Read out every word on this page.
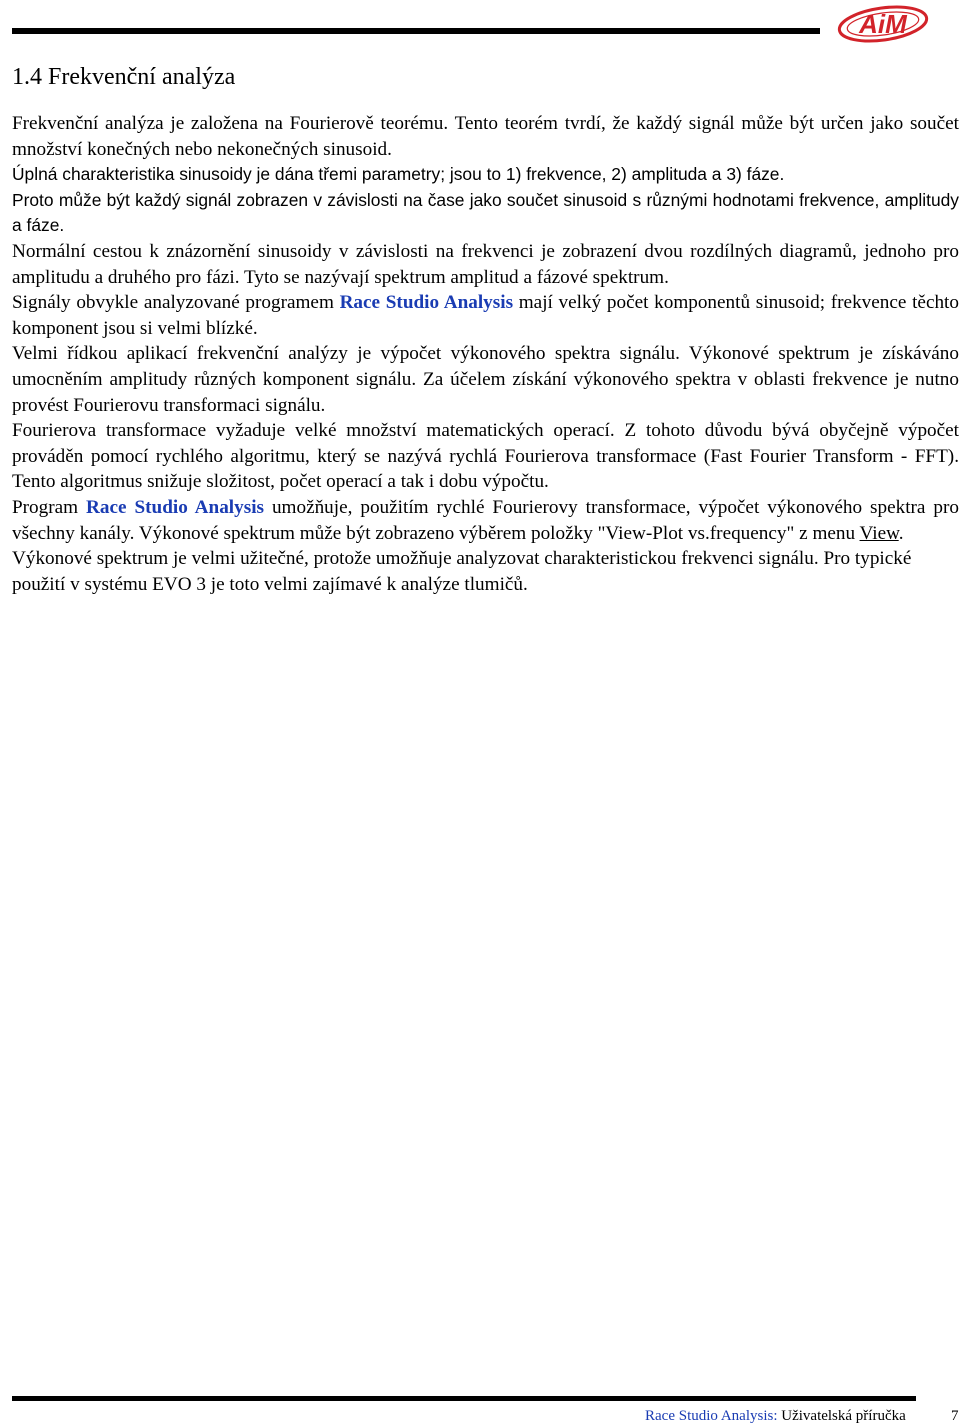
AiM
1.4 Frekvenční analýza

Frekvenční analýza je založena na Fourierově teorému. Tento teorém tvrdí, že každý signál může být určen jako součet množství konečných nebo nekonečných sinusoid.

Úplná charakteristika sinusoidy je dána třemi parametry; jsou to 1) frekvence, 2) amplituda a 3) fáze.

Proto může být každý signál zobrazen v závislosti na čase jako součet sinusoid s různými hodnotami frekvence, amplitudy a fáze.

Normální cestou k znázornění sinusoidy v závislosti na frekvenci je zobrazení dvou rozdílných diagramů, jednoho pro amplitudu a druhého pro fázi. Tyto se nazývají spektrum amplitud a fázové spektrum.

Signály obvykle analyzované programem Race Studio Analysis mají velký počet komponentů sinusoid; frekvence těchto komponent jsou si velmi blízké.

Velmi řídkou aplikací frekvenční analýzy je výpočet výkonového spektra signálu. Výkonové spektrum je získáváno umocněním amplitudy různých komponent signálu. Za účelem získání výkonového spektra v oblasti frekvence je nutno provést Fourierovu transformaci signálu.

Fourierova transformace vyžaduje velké množství matematických operací. Z tohoto důvodu bývá obyčejně výpočet prováděn pomocí rychlého algoritmu, který se nazývá rychlá Fourierova transformace (Fast Fourier Transform - FFT). Tento algoritmus snižuje složitost, počet operací a tak i dobu výpočtu.

Program Race Studio Analysis umožňuje, použitím rychlé Fourierovy transformace, výpočet výkonového spektra pro všechny kanály. Výkonové spektrum může být zobrazeno výběrem položky "View-Plot vs.frequency" z menu View.

Výkonové spektrum je velmi užitečné, protože umožňuje analyzovat charakteristickou frekvenci signálu. Pro typické použití v systému EVO 3 je toto velmi zajímavé k analýze tlumičů.

Race Studio Analysis: Uživatelská příručka	7
